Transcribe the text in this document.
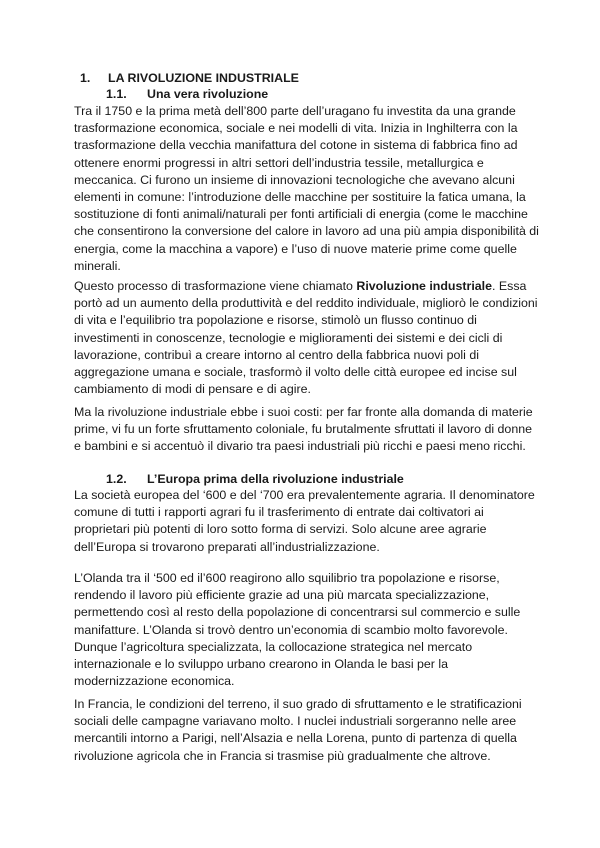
1. LA RIVOLUZIONE INDUSTRIALE
1.1. Una vera rivoluzione

Tra il 1750 e la prima metà dell’800 parte dell’uragano fu investita da una grande
trasformazione economica, sociale e nei modelli di vita. Inizia in Inghilterra con la
trasformazione della vecchia manifattura del cotone in sistema di fabbrica fino ad
ottenere enormi progressi in altri settori dell’industria tessile, metallurgica e
meccanica. Ci furono un insieme di innovazioni tecnologiche che avevano alcuni
elementi in comune: l’introduzione delle macchine per sostituire la fatica umana, la
sostituzione di fonti animali/naturali per fonti artificiali di energia (come le macchine
che consentirono la conversione del calore in lavoro ad una più ampia disponibilità di
energia, come la macchina a vapore) e l’uso di nuove materie prime come quelle
minerali.

Questo processo di trasformazione viene chiamato Rivoluzione industriale. Essa
portò ad un aumento della produttività e del reddito individuale, migliorò le condizioni
di vita e l’equilibrio tra popolazione e risorse, stimolò un flusso continuo di
investimenti in conoscenze, tecnologie e miglioramenti dei sistemi e dei cicli di
lavorazione, contribuì a creare intorno al centro della fabbrica nuovi poli di
aggregazione umana e sociale, trasformò il volto delle città europee ed incise sul
cambiamento di modi di pensare e di agire.

Ma la rivoluzione industriale ebbe i suoi costi: per far fronte alla domanda di materie
prime, vi fu un forte sfruttamento coloniale, fu brutalmente sfruttati il lavoro di donne
e bambini e si accentuò il divario tra paesi industriali più ricchi e paesi meno ricchi.

1.2. L’Europa prima della rivoluzione industriale

La società europea del ‘600 e del ‘700 era prevalentemente agraria. Il denominatore
comune di tutti i rapporti agrari fu il trasferimento di entrate dai coltivatori ai
proprietari più potenti di loro sotto forma di servizi. Solo alcune aree agrarie
dell’Europa si trovarono preparati all’industrializzazione.

L’Olanda tra il ‘500 ed il’600 reagirono allo squilibrio tra popolazione e risorse,
rendendo il lavoro più efficiente grazie ad una più marcata specializzazione,
permettendo così al resto della popolazione di concentrarsi sul commercio e sulle
manifatture. L’Olanda si trovò dentro un’economia di scambio molto favorevole.
Dunque l’agricoltura specializzata, la collocazione strategica nel mercato
internazionale e lo sviluppo urbano crearono in Olanda le basi per la
modernizzazione economica.

In Francia, le condizioni del terreno, il suo grado di sfruttamento e le stratificazioni
sociali delle campagne variavano molto. I nuclei industriali sorgeranno nelle aree
mercantili intorno a Parigi, nell’Alsazia e nella Lorena, punto di partenza di quella
rivoluzione agricola che in Francia si trasmise più gradualmente che altrove.
